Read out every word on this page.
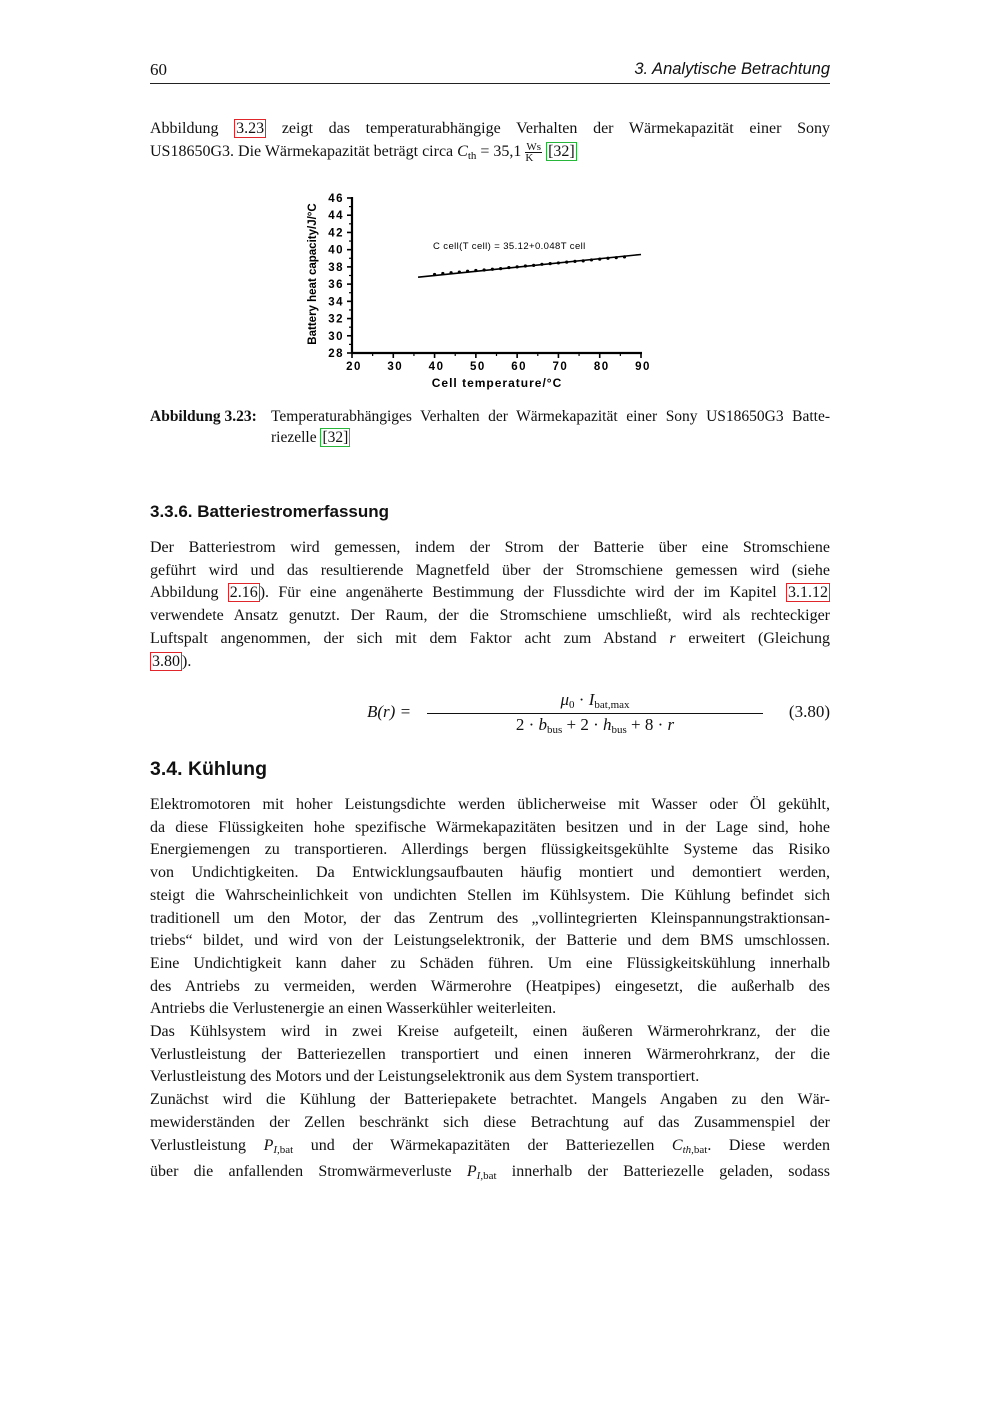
60	3. Analytische Betrachtung
Abbildung 3.23 zeigt das temperaturabhängige Verhalten der Wärmekapazität einer Sony
US18650G3. Die Wärmekapazität beträgt circa $C_{th} = 35,1 \frac{Ws}{K} [32]$
28
30
32
34
36
38
40
42
44
46
20 30 40 50 60 70 80 90
Battery heat capacity/J/°C
Cell temperature/°C
C cell(T cell) = 35.12+0.048T cell
Abbildung 3.23: Temperaturabhängiges Verhalten der Wärmekapazität einer Sony US18650G3 Batte-
riezelle [32]
3.3.6. Batteriestromerfassung
Der Batteriestrom wird gemessen, indem der Strom der Batterie über eine Stromschiene
geführt wird und das resultierende Magnetfeld über der Stromschiene gemessen wird (siehe
Abbildung 2.16 ). Für eine angenäherte Bestimmung der Flussdichte wird der im Kapitel 3.1.12
verwendete Ansatz genutzt. Der Raum, der die Stromschiene umschließt, wird als rechteckiger
Luftspalt angenommen, der sich mit dem Faktor acht zum Abstand r erweitert (Gleichung
3.80 ).
B(r) =
$\mu_0 \cdot I_{bat,max}$
$2 \cdot b_{bus} + 2 \cdot h_{bus} + 8 \cdot r$
(3.80)
3.4. Kühlung
Elektromotoren mit hoher Leistungsdichte werden üblicherweise mit Wasser oder Öl gekühlt,
da diese Flüssigkeiten hohe spezifische Wärmekapazitäten besitzen und in der Lage sind, hohe
Energiemengen zu transportieren. Allerdings bergen flüssigkeitsgekühlte Systeme das Risiko
von Undichtigkeiten. Da Entwicklungsaufbauten häufig montiert und demontiert werden,
steigt die Wahrscheinlichkeit von undichten Stellen im Kühlsystem. Die Kühlung befindet sich
traditionell um den Motor, der das Zentrum des „vollintegrierten Kleinspannungstraktionsan-
triebs“ bildet, und wird von der Leistungselektronik, der Batterie und dem BMS umschlossen.
Eine Undichtigkeit kann daher zu Schäden führen. Um eine Flüssigkeitskühlung innerhalb
des Antriebs zu vermeiden, werden Wärmerohre (Heatpipes) eingesetzt, die außerhalb des
Antriebs die Verlustenergie an einen Wasserkühler weiterleiten.
Das Kühlsystem wird in zwei Kreise aufgeteilt, einen äußeren Wärmerohrkranz, der die
Verlustleistung der Batteriezellen transportiert und einen inneren Wärmerohrkranz, der die
Verlustleistung des Motors und der Leistungselektronik aus dem System transportiert.
Zunächst wird die Kühlung der Batteriepakete betrachtet. Mangels Angaben zu den Wär-
mewiderständen der Zellen beschränkt sich diese Betrachtung auf das Zusammenspiel der
Verlustleistung $P_{I,bat}$ und der Wärmekapazitäten der Batteriezellen $C_{th,bat}$. Diese werden
über die anfallenden Stromwärmeverluste $P_{I,bat}$ innerhalb der Batteriezelle geladen, sodass
